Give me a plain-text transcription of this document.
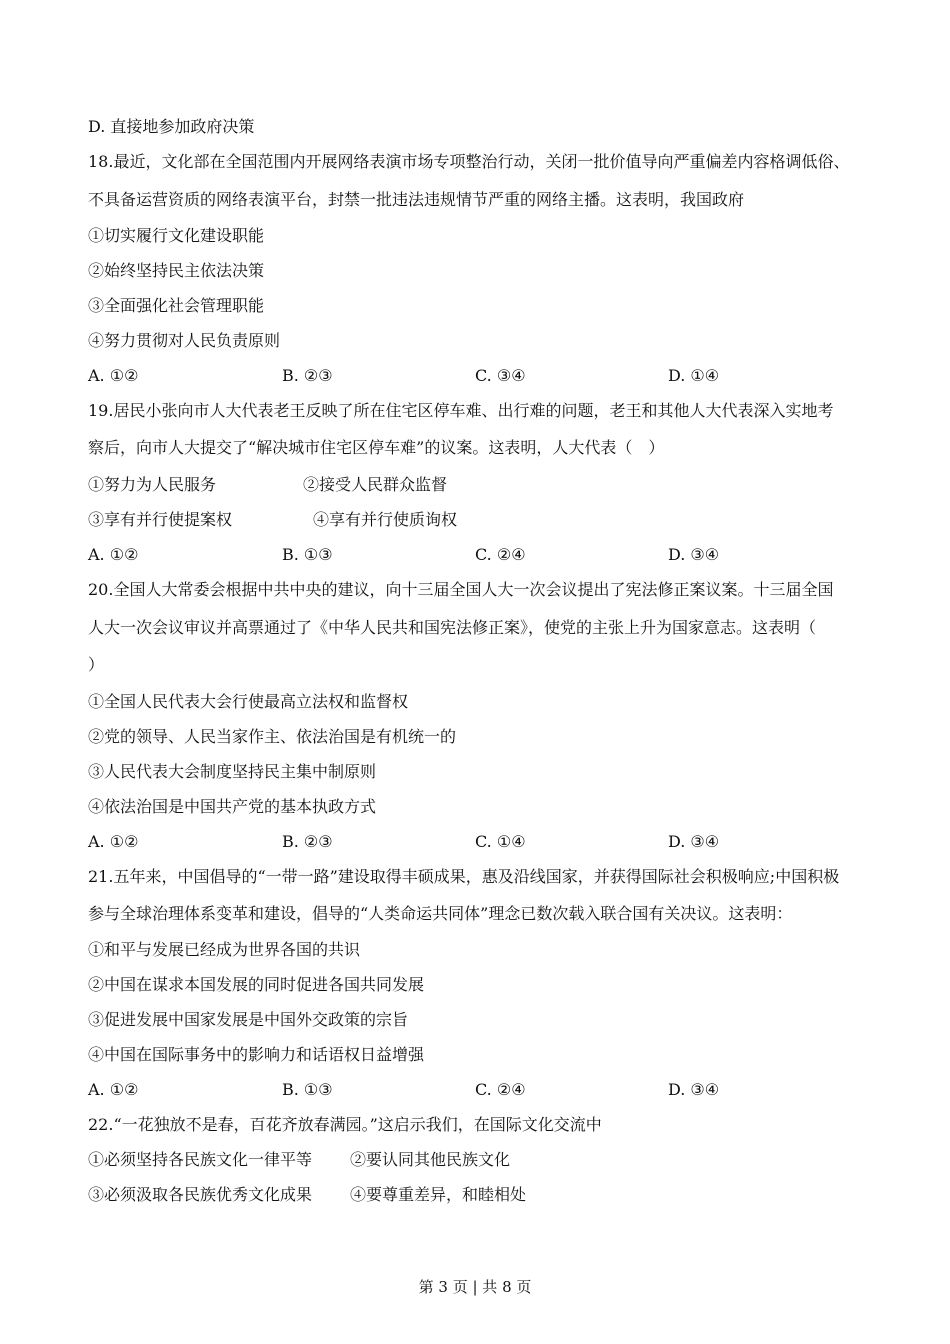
D. 直接地参加政府决策
18.最近，文化部在全国范围内开展网络表演市场专项整治行动，关闭一批价值导向严重偏差内容格调低俗、
不具备运营资质的网络表演平台，封禁一批违法违规情节严重的网络主播。这表明，我国政府
①切实履行文化建设职能
②始终坚持民主依法决策
③全面强化社会管理职能
④努力贯彻对人民负责原则
A. ①②	B. ②③	C. ③④	D. ①④
19.居民小张向市人大代表老王反映了所在住宅区停车难、出行难的问题，老王和其他人大代表深入实地考
察后，向市人大提交了“解决城市住宅区停车难”的议案。这表明，人大代表（　）
①努力为人民服务	②接受人民群众监督
③享有并行使提案权	④享有并行使质询权
A. ①②	B. ①③	C. ②④	D. ③④
20.全国人大常委会根据中共中央的建议，向十三届全国人大一次会议提出了宪法修正案议案。十三届全国
人大一次会议审议并高票通过了《中华人民共和国宪法修正案》，使党的主张上升为国家意志。这表明（
）
①全国人民代表大会行使最高立法权和监督权
②党的领导、人民当家作主、依法治国是有机统一的
③人民代表大会制度坚持民主集中制原则
④依法治国是中国共产党的基本执政方式
A. ①②	B. ②③	C. ①④	D. ③④
21.五年来，中国倡导的“一带一路”建设取得丰硕成果，惠及沿线国家，并获得国际社会积极响应;中国积极
参与全球治理体系变革和建设，倡导的“人类命运共同体”理念已数次载入联合国有关决议。这表明：
①和平与发展已经成为世界各国的共识
②中国在谋求本国发展的同时促进各国共同发展
③促进发展中国家发展是中国外交政策的宗旨
④中国在国际事务中的影响力和话语权日益增强
A. ①②	B. ①③	C. ②④	D. ③④
22.“一花独放不是春，百花齐放春满园。”这启示我们，在国际文化交流中
①必须坚持各民族文化一律平等 ②要认同其他民族文化
③必须汲取各民族优秀文化成果 ④要尊重差异，和睦相处
第 3 页 | 共 8 页
